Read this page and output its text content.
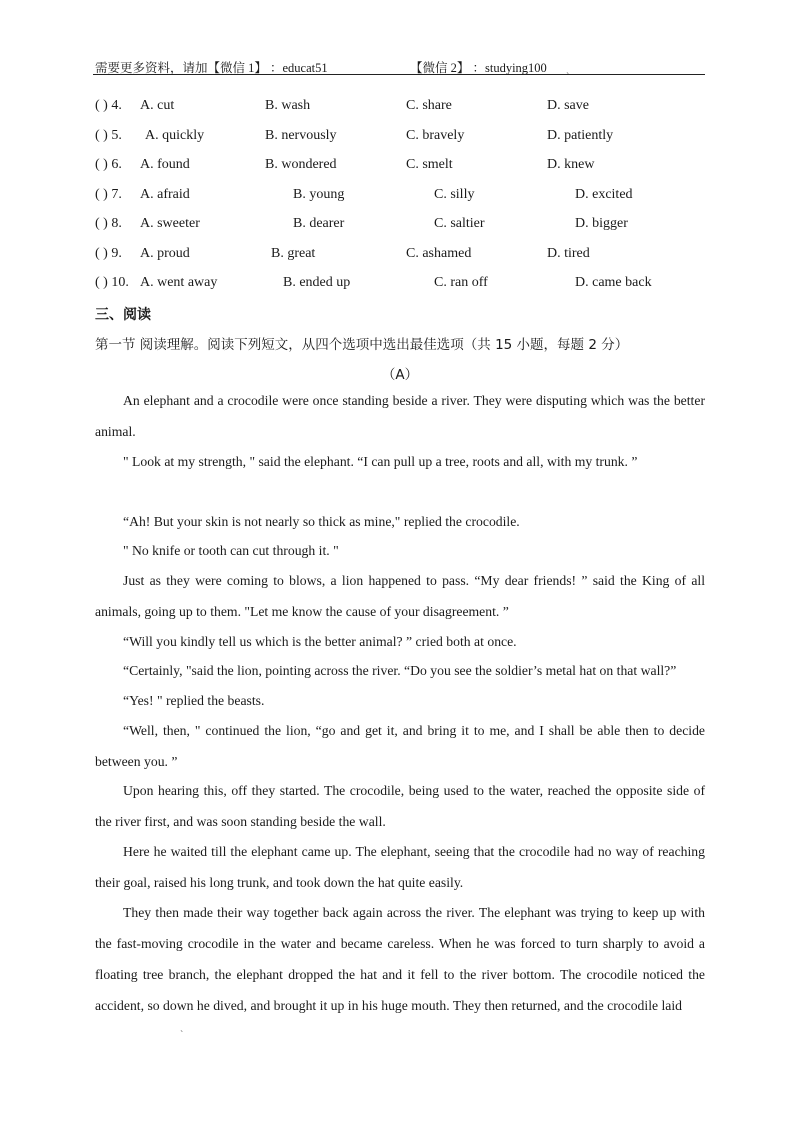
需要更多资料，请加【微信 1】 ：educat51	【微信 2】 ：studying100
ˋ
( ) 4. A. cut	B. wash	C. share	D. save
( ) 5. A. quickly	B. nervously	C. bravely	D. patiently
( ) 6. A. found	B. wondered	C. smelt	D. knew
( ) 7. A. afraid	B. young	C. silly	D. excited
( ) 8. A. sweeter	B. dearer	C. saltier	D. bigger
( ) 9. A. proud	B. great	C. ashamed	D. tired
( ) 10. A. went away	B. ended up	C. ran off	D. came back
三、阅读
第一节 阅读理解。阅读下列短文，从四个选项中选出最佳选项（共 15 小题，每题 2 分）
（A）

An elephant and a crocodile were once standing beside a river. They were disputing which was the better animal.

" Look at my strength, " said the elephant. “I can pull up a tree, roots and all, with my trunk. ”

“Ah! But your skin is not nearly so thick as mine," replied the crocodile.

" No knife or tooth can cut through it. "

Just as they were coming to blows, a lion happened to pass. “My dear friends! ” said the King of all animals, going up to them. "Let me know the cause of your disagreement. ”

“Will you kindly tell us which is the better animal? ” cried both at once.

“Certainly, "said the lion, pointing across the river. “Do you see the soldier’s metal hat on that wall?”

“Yes! " replied the beasts.

“Well, then, " continued the lion, “go and get it, and bring it to me, and I shall be able then to decide between you. ”

Upon hearing this, off they started. The crocodile, being used to the water, reached the opposite side of the river first, and was soon standing beside the wall.

Here he waited till the elephant came up. The elephant, seeing that the crocodile had no way of reaching their goal, raised his long trunk, and took down the hat quite easily.

They then made their way together back again across the river. The elephant was trying to keep up with the fast-moving crocodile in the water and became careless. When he was forced to turn sharply to avoid a floating tree branch, the elephant dropped the hat and it fell to the river bottom. The crocodile noticed the accident, so down he dived, and brought it up in his huge mouth. They then returned, and the crocodile laid

ˋ
